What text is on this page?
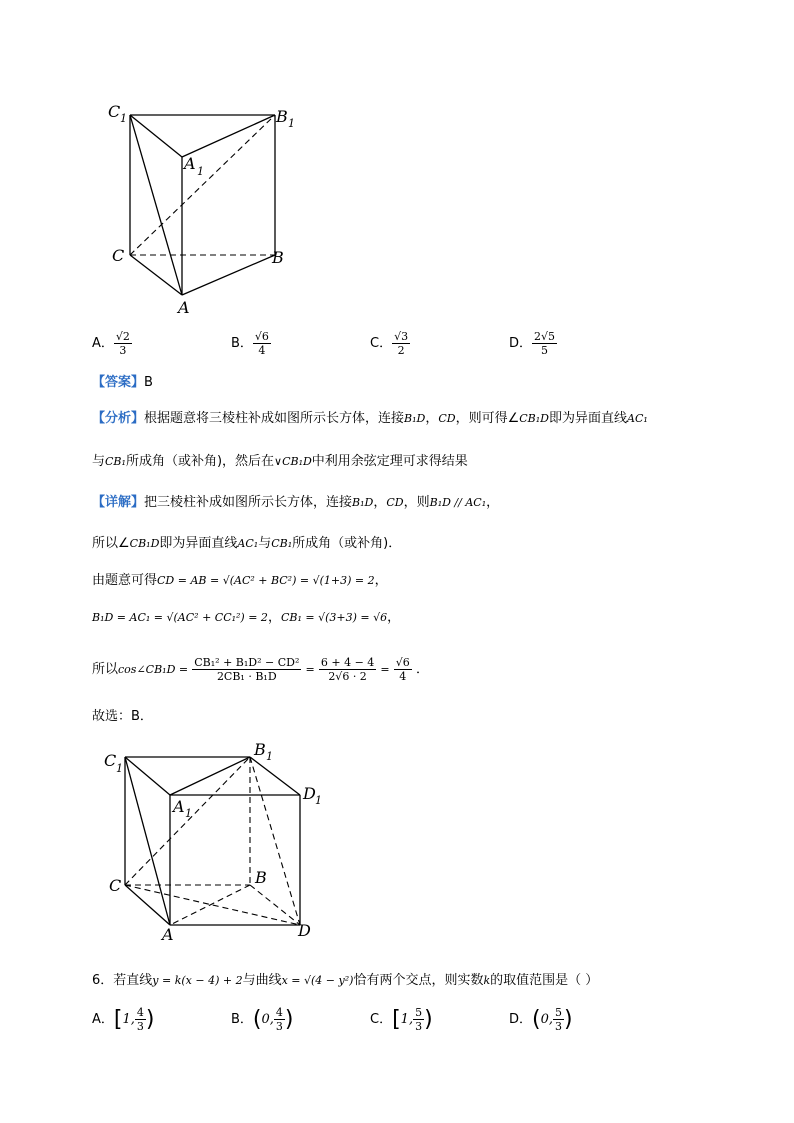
C 1	B 1
A 1
C	B
A
A． $\frac{√2}{3}$	B． $\frac{√6}{4}$	C． $\frac{√3}{2}$	D． $\frac{2√5}{5}$
【答案】B
【分析】根据题意将三棱柱补成如图所示长方体，连接B₁D，CD，则可得∠CB₁D即为异面直线AC₁
与CB₁所成角（或补角)，然后在∨CB₁D中利用余弦定理可求得结果
【详解】把三棱柱补成如图所示长方体，连接B₁D，CD，则B₁D // AC₁，
所以∠CB₁D即为异面直线AC₁与CB₁所成角（或补角)．
由题意可得CD = AB = √(AC² + BC²) = √(1+3) = 2，
B₁D = AC₁ = √(AC² + CC₁²) = 2，CB₁ = √(3+3) = √6，
所以cos∠CB₁D = $\frac{\text{CB₁² + B₁D² − CD²}}{\text{2CB₁ · B₁D}} = \frac{6 + 4 - 4}{2√6 \cdot 2} = \frac{√6}{4}$ ．
故选：B．
C 1
B 1
D 1
A 1
C	B
A	D
6．若直线y = k(x − 4) + 2与曲线x = √(4 − y²)恰有两个交点，则实数k的取值范围是（ ）
A．[1, $\frac{4}{3}$ )	B．(0, $\frac{4}{3}$ )	C．[1, $\frac{5}{3}$ )	D．(0, $\frac{5}{3}$ )
